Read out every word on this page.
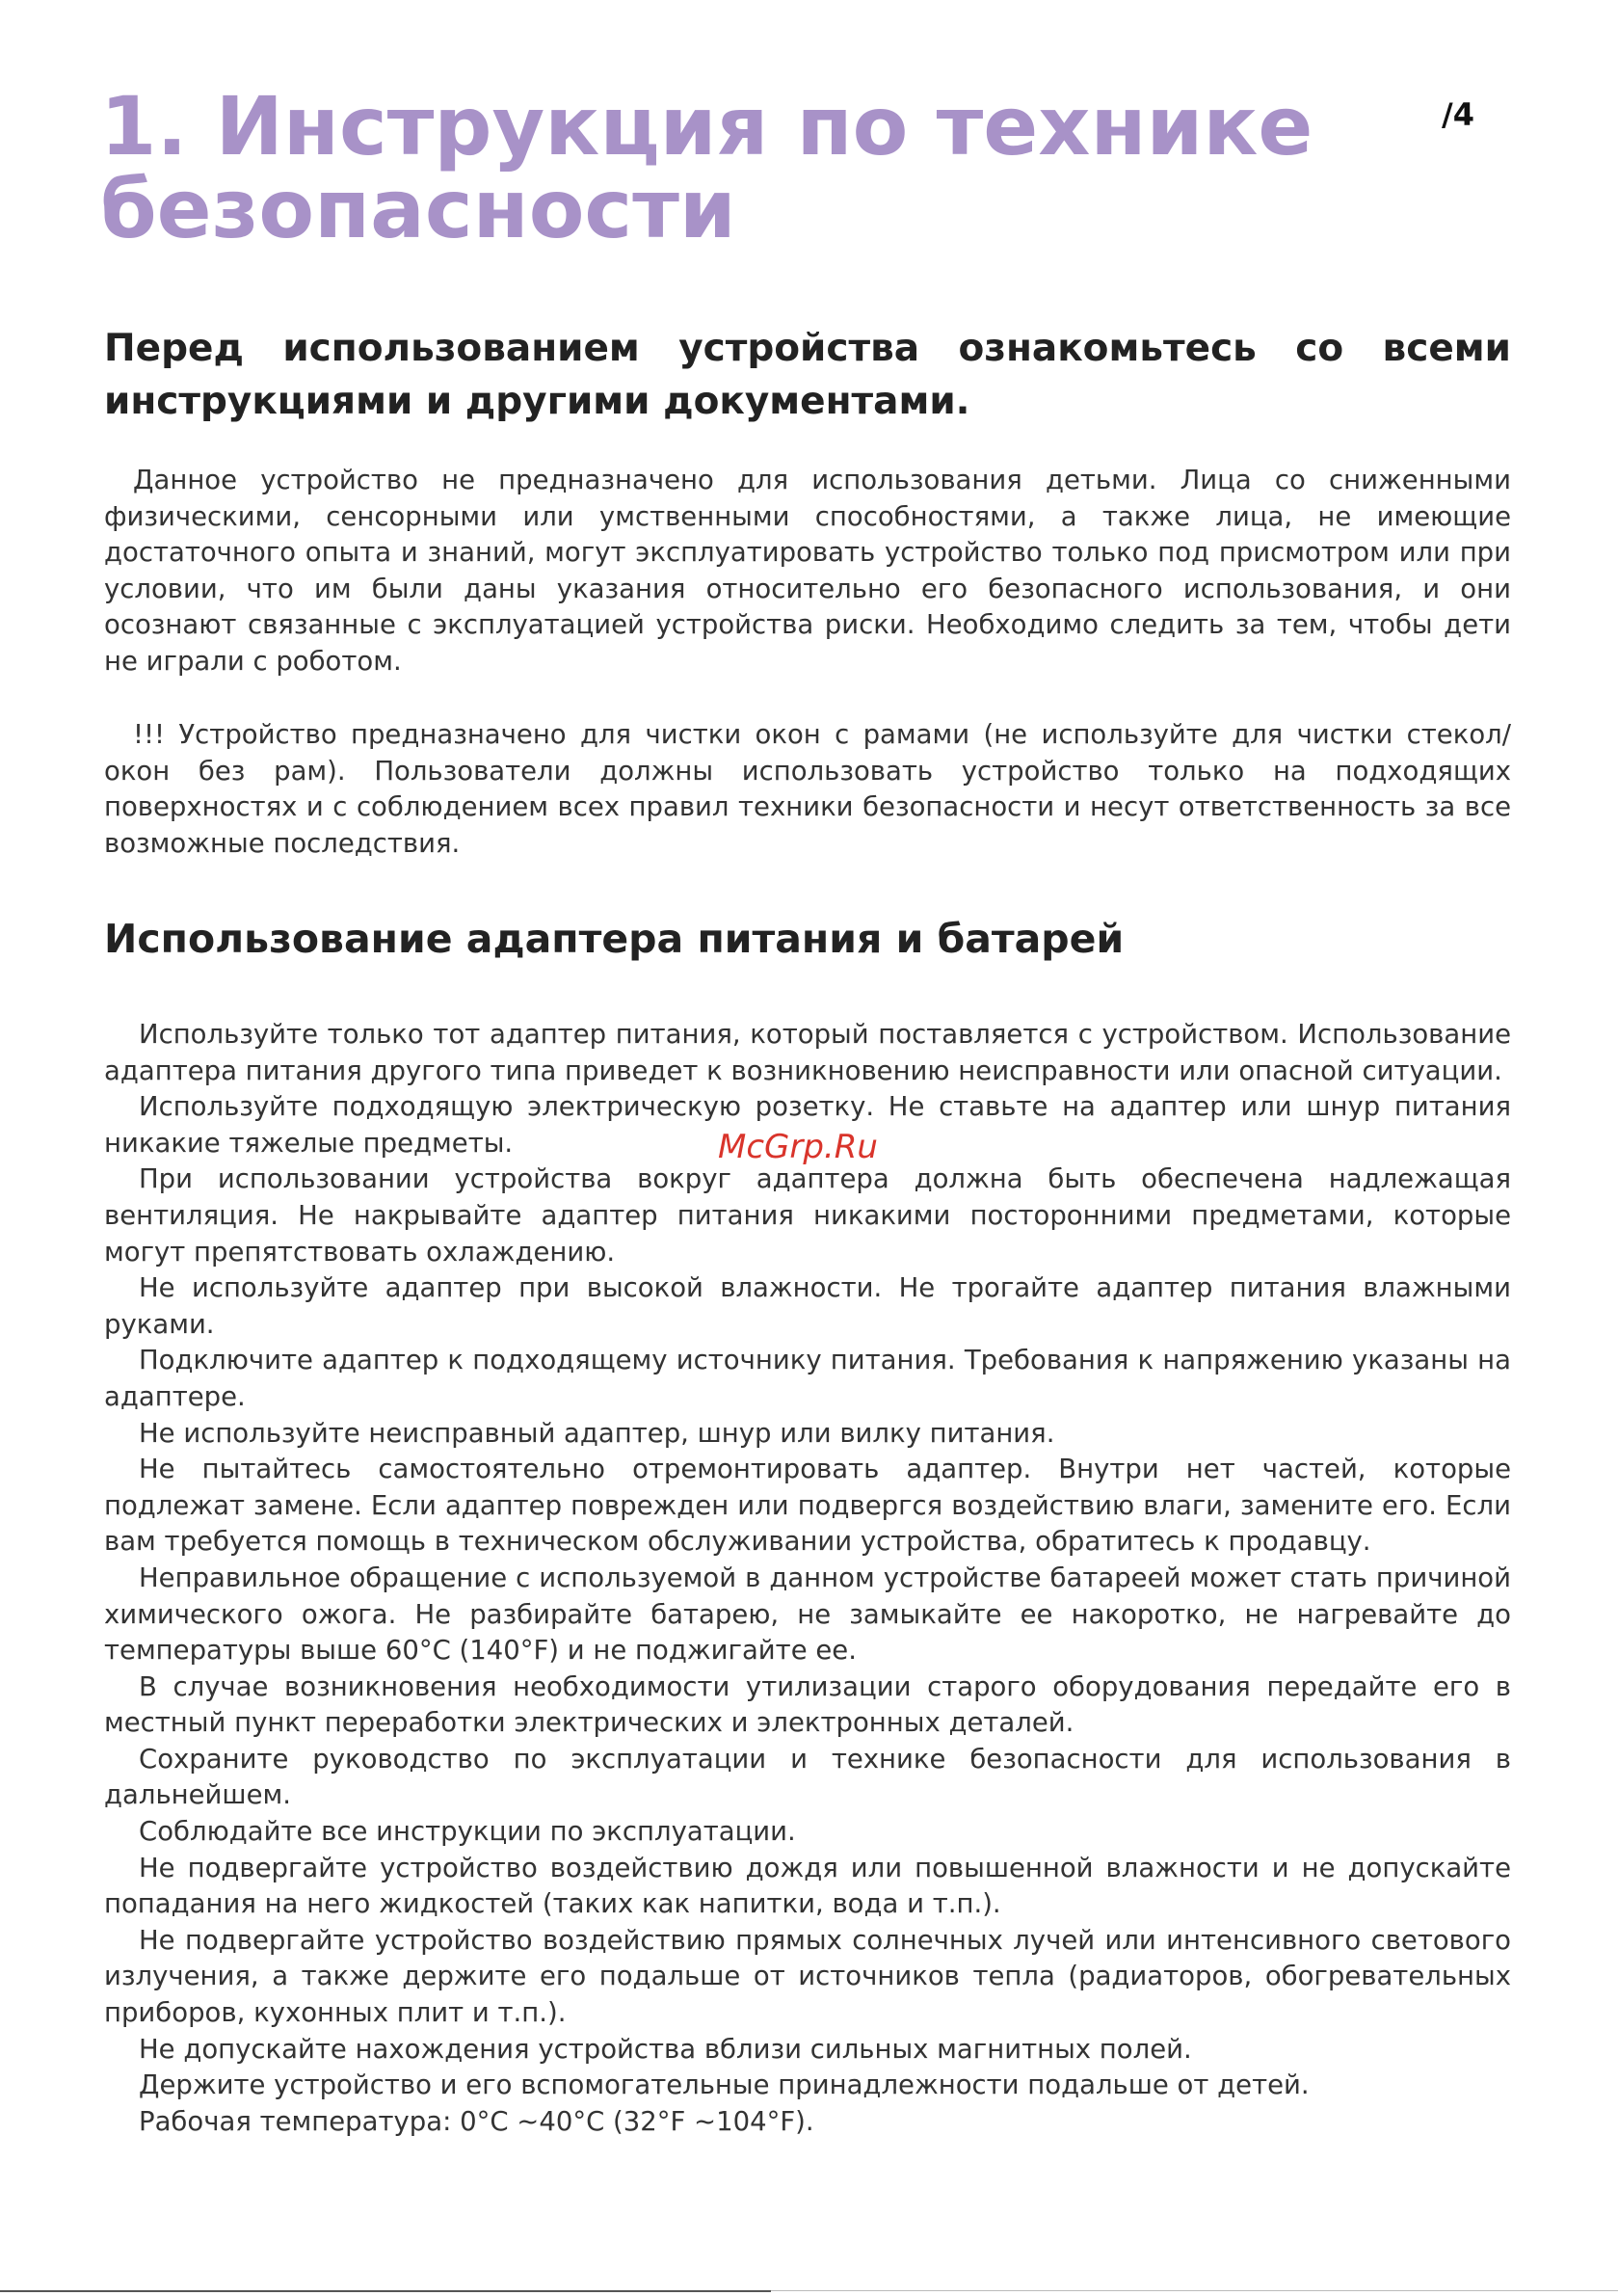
/4
1. Инструкция по технике
безопасности
Перед использованием устройства ознакомьтесь со всеми
инструкциями и другими документами.

Данное устройство не предназначено для использования детьми. Лица со сниженными физическими, сенсорными или умственными способностями, а также лица, не имеющие достаточного опыта и знаний, могут эксплуатировать устройство только под присмотром или при условии, что им были даны указания относительно его безопасного использования, и они осознают связанные с эксплуатацией устройства риски. Необходимо следить за тем, чтобы дети не играли с роботом.

!!! Устройство предназначено для чистки окон с рамами (не используйте для чистки стекол/окон без рам). Пользователи должны использовать устройство только на подходящих поверхностях и с соблюдением всех правил техники безопасности и несут ответственность за все возможные последствия.

Использование адаптера питания и батарей

Используйте только тот адаптер питания, который поставляется с устройством. Использование адаптера питания другого типа приведет к возникновению неисправности или опасной ситуации.

Используйте подходящую электрическую розетку. Не ставьте на адаптер или шнур питания никакие тяжелые предметы.

При использовании устройства вокруг адаптера должна быть обеспечена надлежащая вентиляция. Не накрывайте адаптер питания никакими посторонними предметами, которые могут препятствовать охлаждению.

Не используйте адаптер при высокой влажности. Не трогайте адаптер питания влажными руками.

Подключите адаптер к подходящему источнику питания. Требования к напряжению указаны на адаптере.

Не используйте неисправный адаптер, шнур или вилку питания.

Не пытайтесь самостоятельно отремонтировать адаптер. Внутри нет частей, которые подлежат замене. Если адаптер поврежден или подвергся воздействию влаги, замените его. Если вам требуется помощь в техническом обслуживании устройства, обратитесь к продавцу.

Неправильное обращение с используемой в данном устройстве батареей может стать причиной химического ожога. Не разбирайте батарею, не замыкайте ее накоротко, не нагревайте до температуры выше 60°C (140°F) и не поджигайте ее.

В случае возникновения необходимости утилизации старого оборудования передайте его в местный пункт переработки электрических и электронных деталей.

Сохраните руководство по эксплуатации и технике безопасности для использования в дальнейшем.

Соблюдайте все инструкции по эксплуатации.

Не подвергайте устройство воздействию дождя или повышенной влажности и не допускайте попадания на него жидкостей (таких как напитки, вода и т.п.).

Не подвергайте устройство воздействию прямых солнечных лучей или интенсивного светового излучения, а также держите его подальше от источников тепла (радиаторов, обогревательных приборов, кухонных плит и т.п.).

Не допускайте нахождения устройства вблизи сильных магнитных полей.

Держите устройство и его вспомогательные принадлежности подальше от детей.

Рабочая температура: 0°C ~40°C (32°F ~104°F).

McGrp.Ru
